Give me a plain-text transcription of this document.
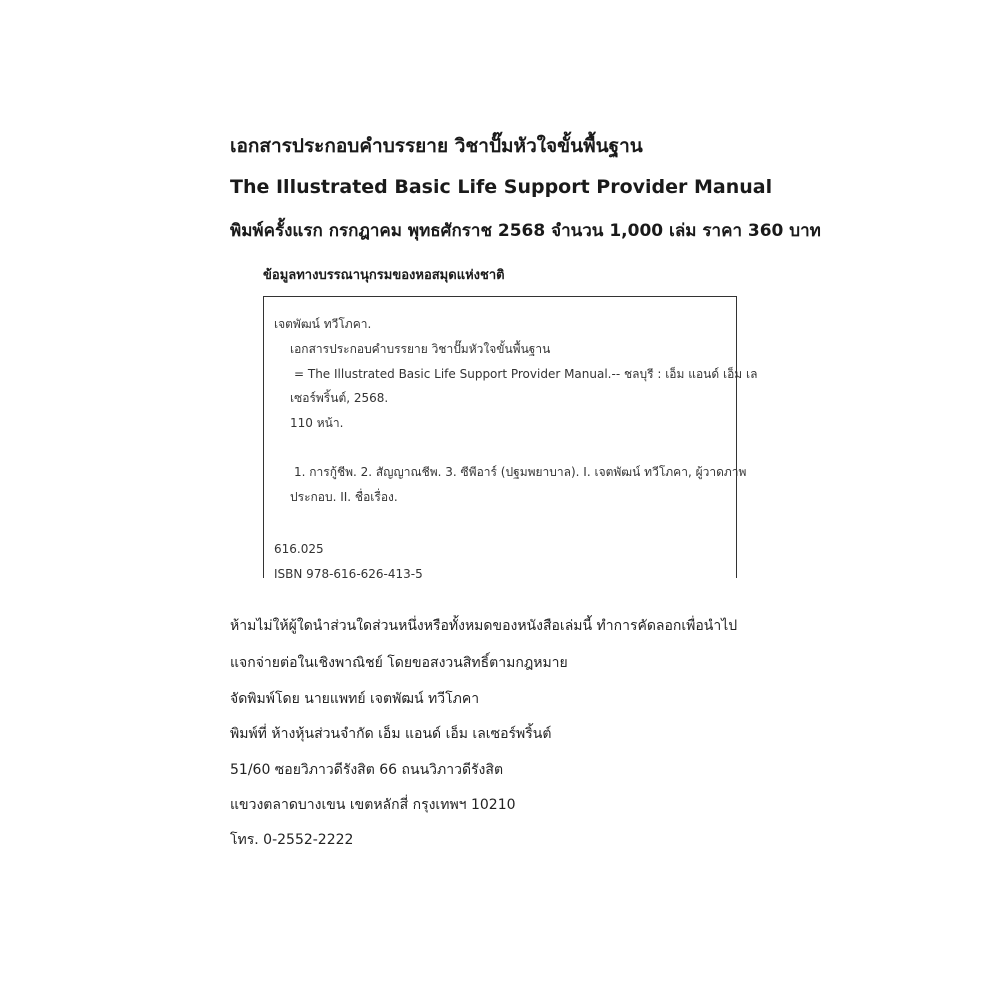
เอกสารประกอบคำบรรยาย วิชาปั๊มหัวใจขั้นพื้นฐาน
The Illustrated Basic Life Support Provider Manual
พิมพ์ครั้งแรก กรกฎาคม พุทธศักราช 2568 จำนวน 1,000 เล่ม ราคา 360 บาท
ข้อมูลทางบรรณานุกรมของหอสมุดแห่งชาติ
เจตพัฒน์ ทวีโภคา.
เอกสารประกอบคำบรรยาย วิชาปั๊มหัวใจขั้นพื้นฐาน
= The Illustrated Basic Life Support Provider Manual.-- ชลบุรี : เอ็ม แอนด์ เอ็ม เล
เซอร์พริ้นต์, 2568.
110 หน้า.
1. การกู้ชีพ. 2. สัญญาณชีพ. 3. ซีพีอาร์ (ปฐมพยาบาล). I. เจตพัฒน์ ทวีโภคา, ผู้วาดภาพ
ประกอบ. II. ชื่อเรื่อง.
616.025
ISBN 978-616-626-413-5
ห้ามไม่ให้ผู้ใดนำส่วนใดส่วนหนึ่งหรือทั้งหมดของหนังสือเล่มนี้ ทำการคัดลอกเพื่อนำไป
แจกจ่ายต่อในเชิงพาณิชย์ โดยขอสงวนสิทธิ์ตามกฎหมาย
จัดพิมพ์โดย นายแพทย์ เจตพัฒน์ ทวีโภคา
พิมพ์ที่ ห้างหุ้นส่วนจำกัด เอ็ม แอนด์ เอ็ม เลเซอร์พริ้นต์
51/60 ซอยวิภาวดีรังสิต 66 ถนนวิภาวดีรังสิต
แขวงตลาดบางเขน เขตหลักสี่ กรุงเทพฯ 10210
โทร. 0-2552-2222
